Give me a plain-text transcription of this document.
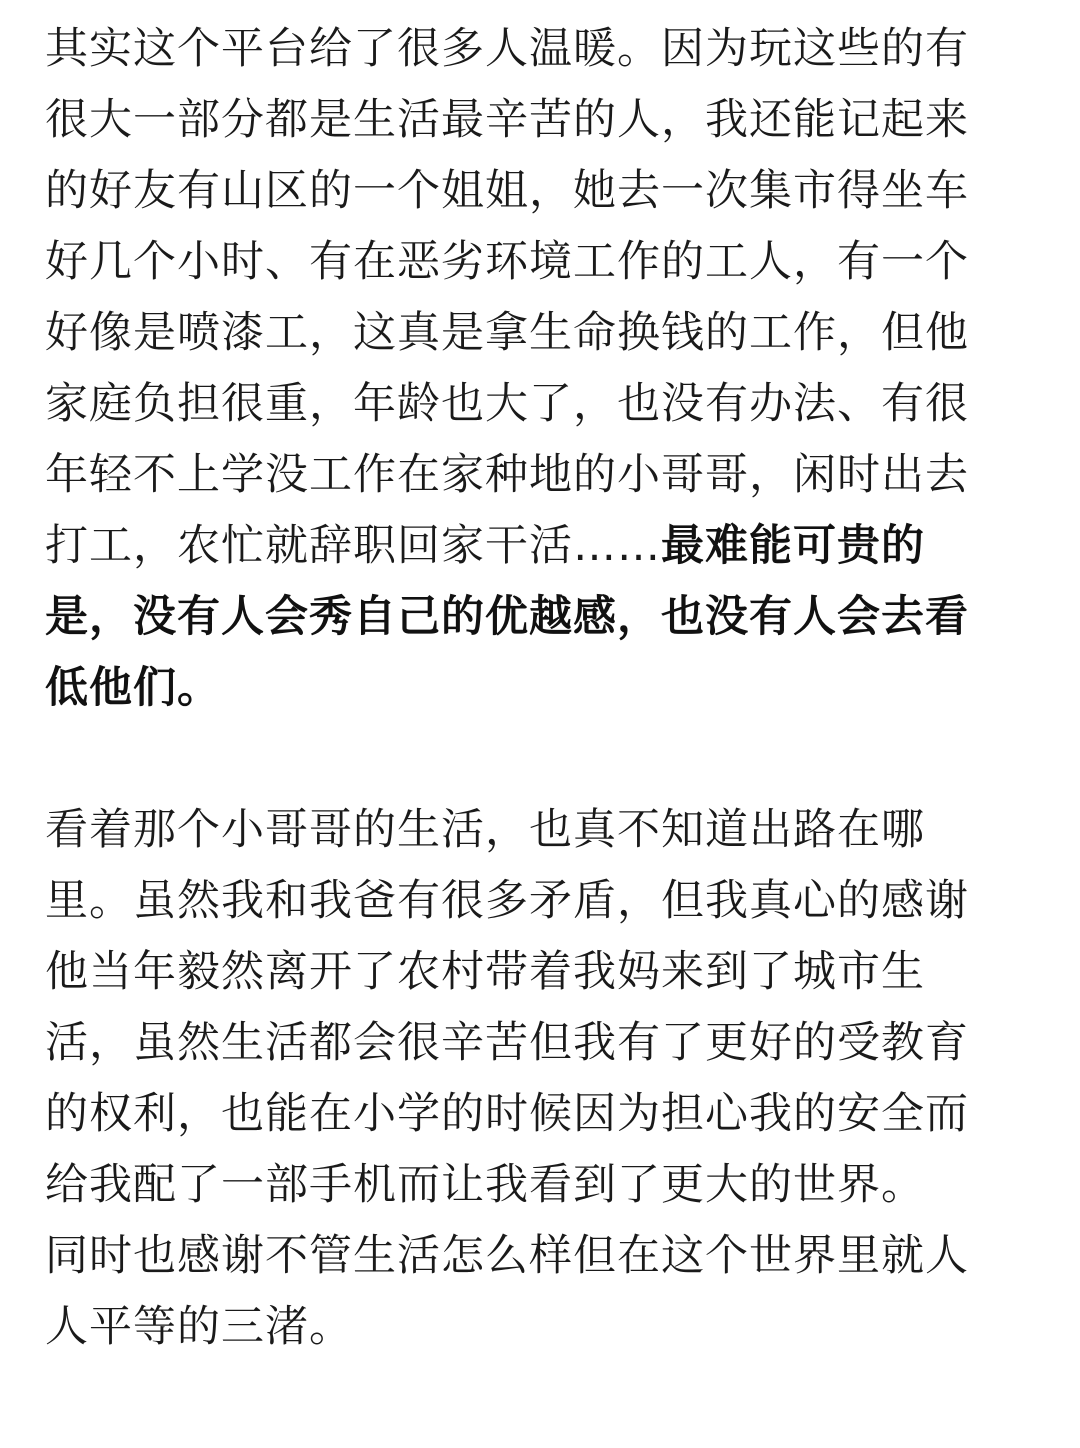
其实这个平台给了很多人温暖。因为玩这些的有
很大一部分都是生活最辛苦的人，我还能记起来
的好友有山区的一个姐姐，她去一次集市得坐车
好几个小时、有在恶劣环境工作的工人，有一个
好像是喷漆工，这真是拿生命换钱的工作，但他
家庭负担很重，年龄也大了，也没有办法、有很
年轻不上学没工作在家种地的小哥哥，闲时出去
打工，农忙就辞职回家干活……最难能可贵的
是，没有人会秀自己的优越感，也没有人会去看
低他们。

看着那个小哥哥的生活，也真不知道出路在哪
里。虽然我和我爸有很多矛盾，但我真心的感谢
他当年毅然离开了农村带着我妈来到了城市生
活，虽然生活都会很辛苦但我有了更好的受教育
的权利，也能在小学的时候因为担心我的安全而
给我配了一部手机而让我看到了更大的世界。
同时也感谢不管生活怎么样但在这个世界里就人
人平等的三渚。
